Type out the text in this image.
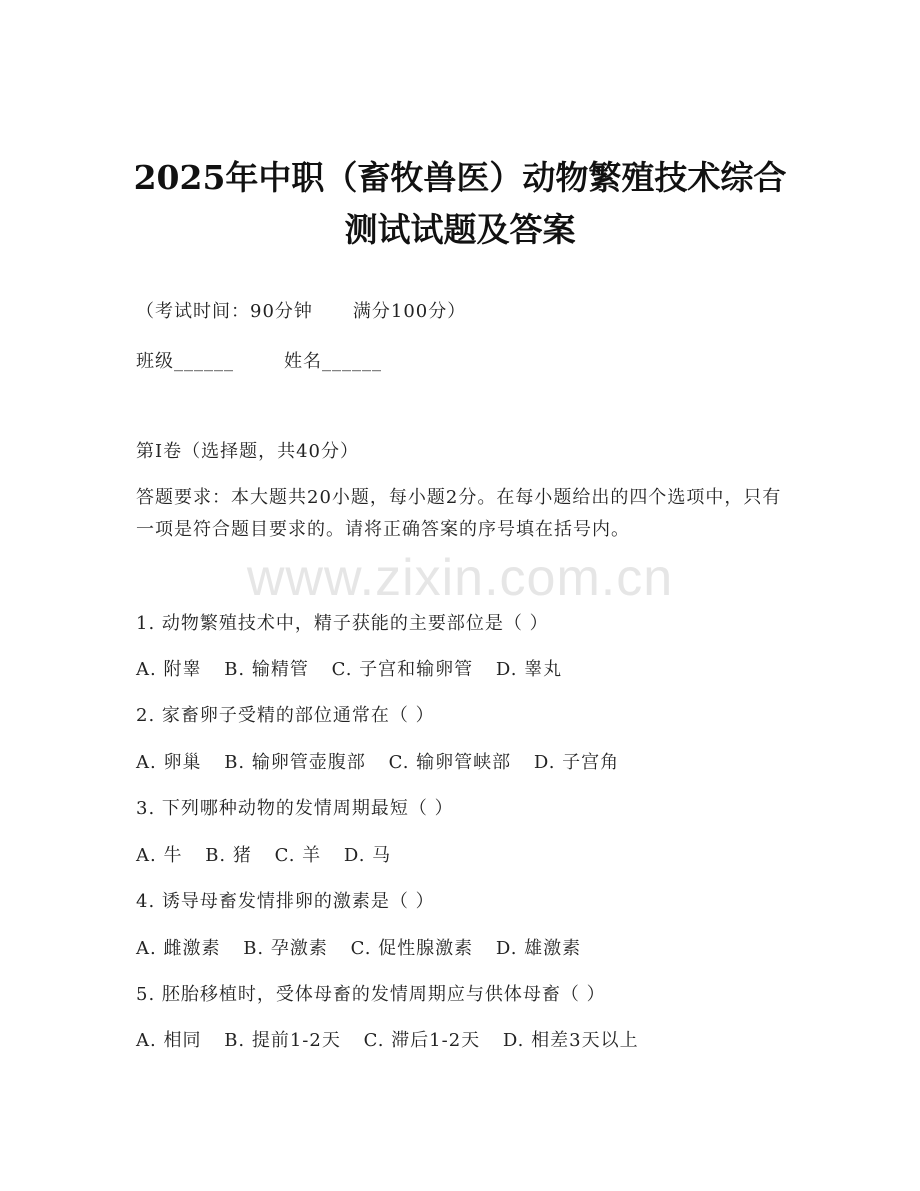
2025年中职（畜牧兽医）动物繁殖技术综合
测试试题及答案
（考试时间：90分钟 满分100分）
班级______	姓名______
第I卷（选择题，共40分）
答题要求：本大题共20小题，每小题2分。在每小题给出的四个选项中，只有一项是符合题目要求的。请将正确答案的序号填在括号内。
www.zixin.com.cn
1. 动物繁殖技术中，精子获能的主要部位是（ ）
A. 附睾 B. 输精管 C. 子宫和输卵管 D. 睾丸
2. 家畜卵子受精的部位通常在（ ）
A. 卵巢 B. 输卵管壶腹部 C. 输卵管峡部 D. 子宫角
3. 下列哪种动物的发情周期最短（ ）
A. 牛 B. 猪 C. 羊 D. 马
4. 诱导母畜发情排卵的激素是（ ）
A. 雌激素 B. 孕激素 C. 促性腺激素 D. 雄激素
5. 胚胎移植时，受体母畜的发情周期应与供体母畜（ ）
A. 相同 B. 提前1-2天 C. 滞后1-2天 D. 相差3天以上
